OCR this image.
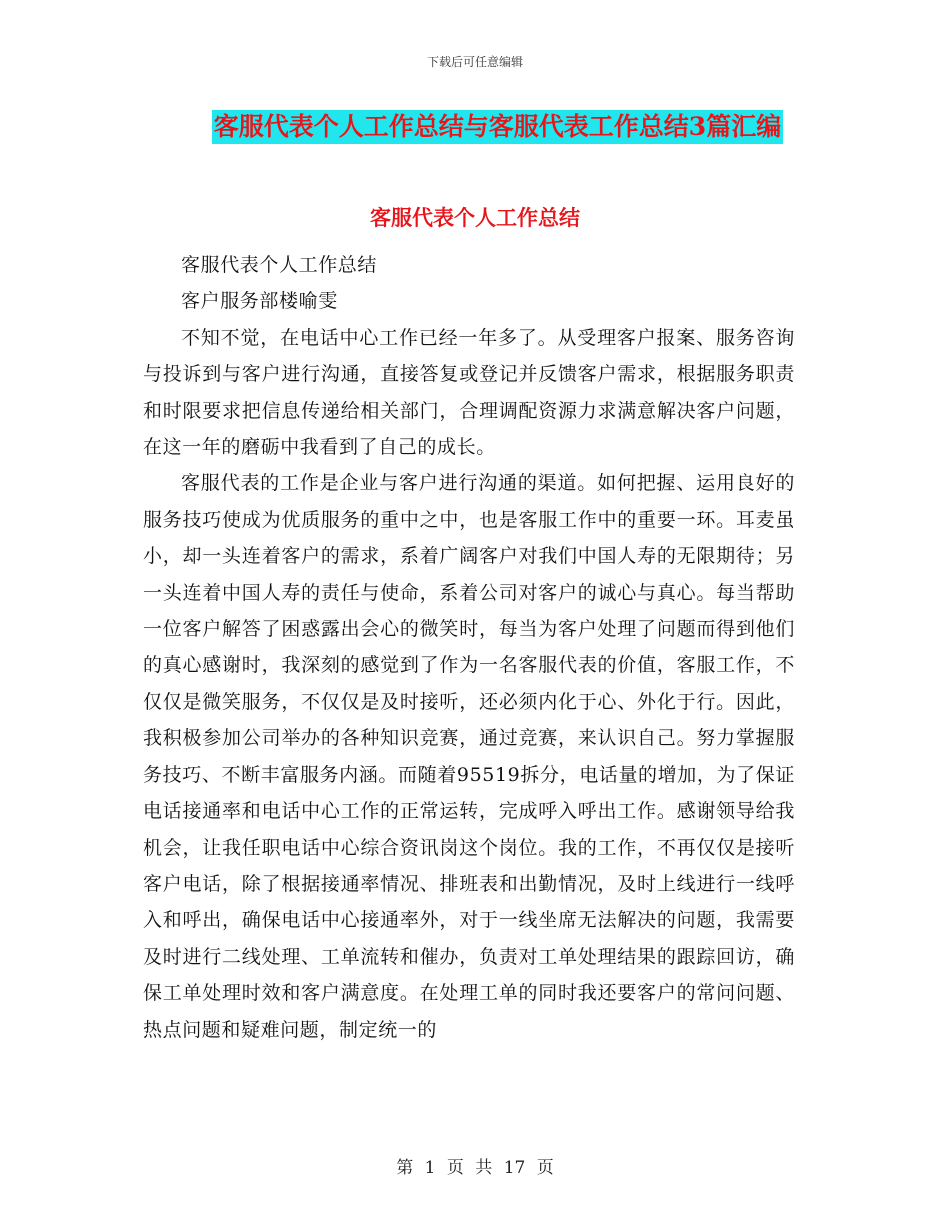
下载后可任意编辑
客服代表个人工作总结与客服代表工作总结3篇汇编
客服代表个人工作总结

客服代表个人工作总结

客户服务部楼喻雯

不知不觉，在电话中心工作已经一年多了。从受理客户报案、服务咨询与投诉到与客户进行沟通，直接答复或登记并反馈客户需求，根据服务职责和时限要求把信息传递给相关部门，合理调配资源力求满意解决客户问题，在这一年的磨砺中我看到了自己的成长。

客服代表的工作是企业与客户进行沟通的渠道。如何把握、运用良好的服务技巧使成为优质服务的重中之中，也是客服工作中的重要一环。耳麦虽小，却一头连着客户的需求，系着广阔客户对我们中国人寿的无限期待；另一头连着中国人寿的责任与使命，系着公司对客户的诚心与真心。每当帮助一位客户解答了困惑露出会心的微笑时，每当为客户处理了问题而得到他们的真心感谢时，我深刻的感觉到了作为一名客服代表的价值，客服工作，不仅仅是微笑服务，不仅仅是及时接听，还必须内化于心、外化于行。因此，我积极参加公司举办的各种知识竞赛，通过竞赛，来认识自己。努力掌握服务技巧、不断丰富服务内涵。而随着95519拆分，电话量的增加，为了保证电话接通率和电话中心工作的正常运转，完成呼入呼出工作。感谢领导给我机会，让我任职电话中心综合资讯岗这个岗位。我的工作，不再仅仅是接听客户电话，除了根据接通率情况、排班表和出勤情况，及时上线进行一线呼入和呼出，确保电话中心接通率外，对于一线坐席无法解决的问题，我需要及时进行二线处理、工单流转和催办，负责对工单处理结果的跟踪回访，确保工单处理时效和客户满意度。在处理工单的同时我还要客户的常问问题、热点问题和疑难问题，制定统一的

第 1 页 共 17 页
